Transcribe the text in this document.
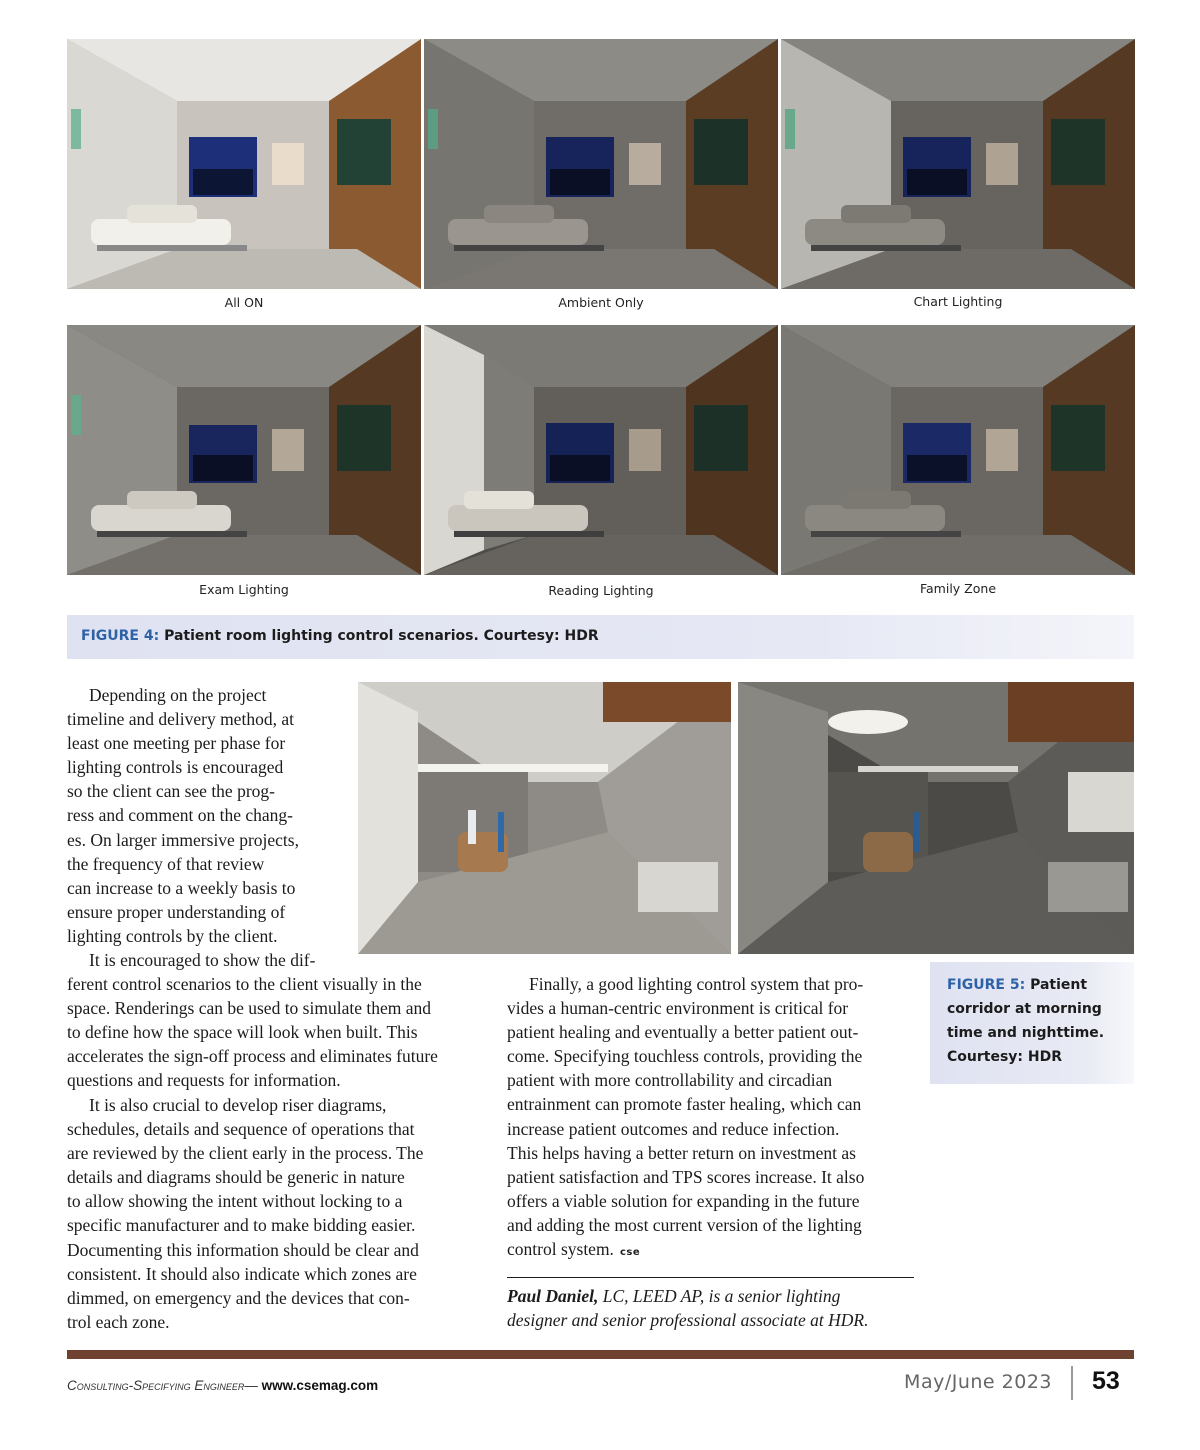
All ON	Ambient Only	Chart Lighting
Exam Lighting	Reading Lighting	Family Zone
FIGURE 4: Patient room lighting control scenarios. Courtesy: HDR
FIGURE 5: Patient corridor at morning time and nighttime. Courtesy: HDR
Depending on the project
timeline and delivery method, at
least one meeting per phase for
lighting controls is encouraged
so the client can see the prog-
ress and comment on the chang-
es. On larger immersive projects,
the frequency of that review
can increase to a weekly basis to
ensure proper understanding of
lighting controls by the client.
It is encouraged to show the dif-
ferent control scenarios to the client visually in the
space. Renderings can be used to simulate them and
to define how the space will look when built. This
accelerates the sign-off process and eliminates future
questions and requests for information.
It is also crucial to develop riser diagrams,
schedules, details and sequence of operations that
are reviewed by the client early in the process. The
details and diagrams should be generic in nature
to allow showing the intent without locking to a
specific manufacturer and to make bidding easier.
Documenting this information should be clear and
consistent. It should also indicate which zones are
dimmed, on emergency and the devices that con-
trol each zone.
Finally, a good lighting control system that pro-
vides a human-centric environment is critical for
patient healing and eventually a better patient out-
come. Specifying touchless controls, providing the
patient with more controllability and circadian
entrainment can promote faster healing, which can
increase patient outcomes and reduce infection.
This helps having a better return on investment as
patient satisfaction and TPS scores increase. It also
offers a viable solution for expanding in the future
and adding the most current version of the lighting
control system. cse
Paul Daniel, LC, LEED AP, is a senior lighting
designer and senior professional associate at HDR.
Consulting-Specifying Engineer— www.csemag.com	May/June 2023 53
